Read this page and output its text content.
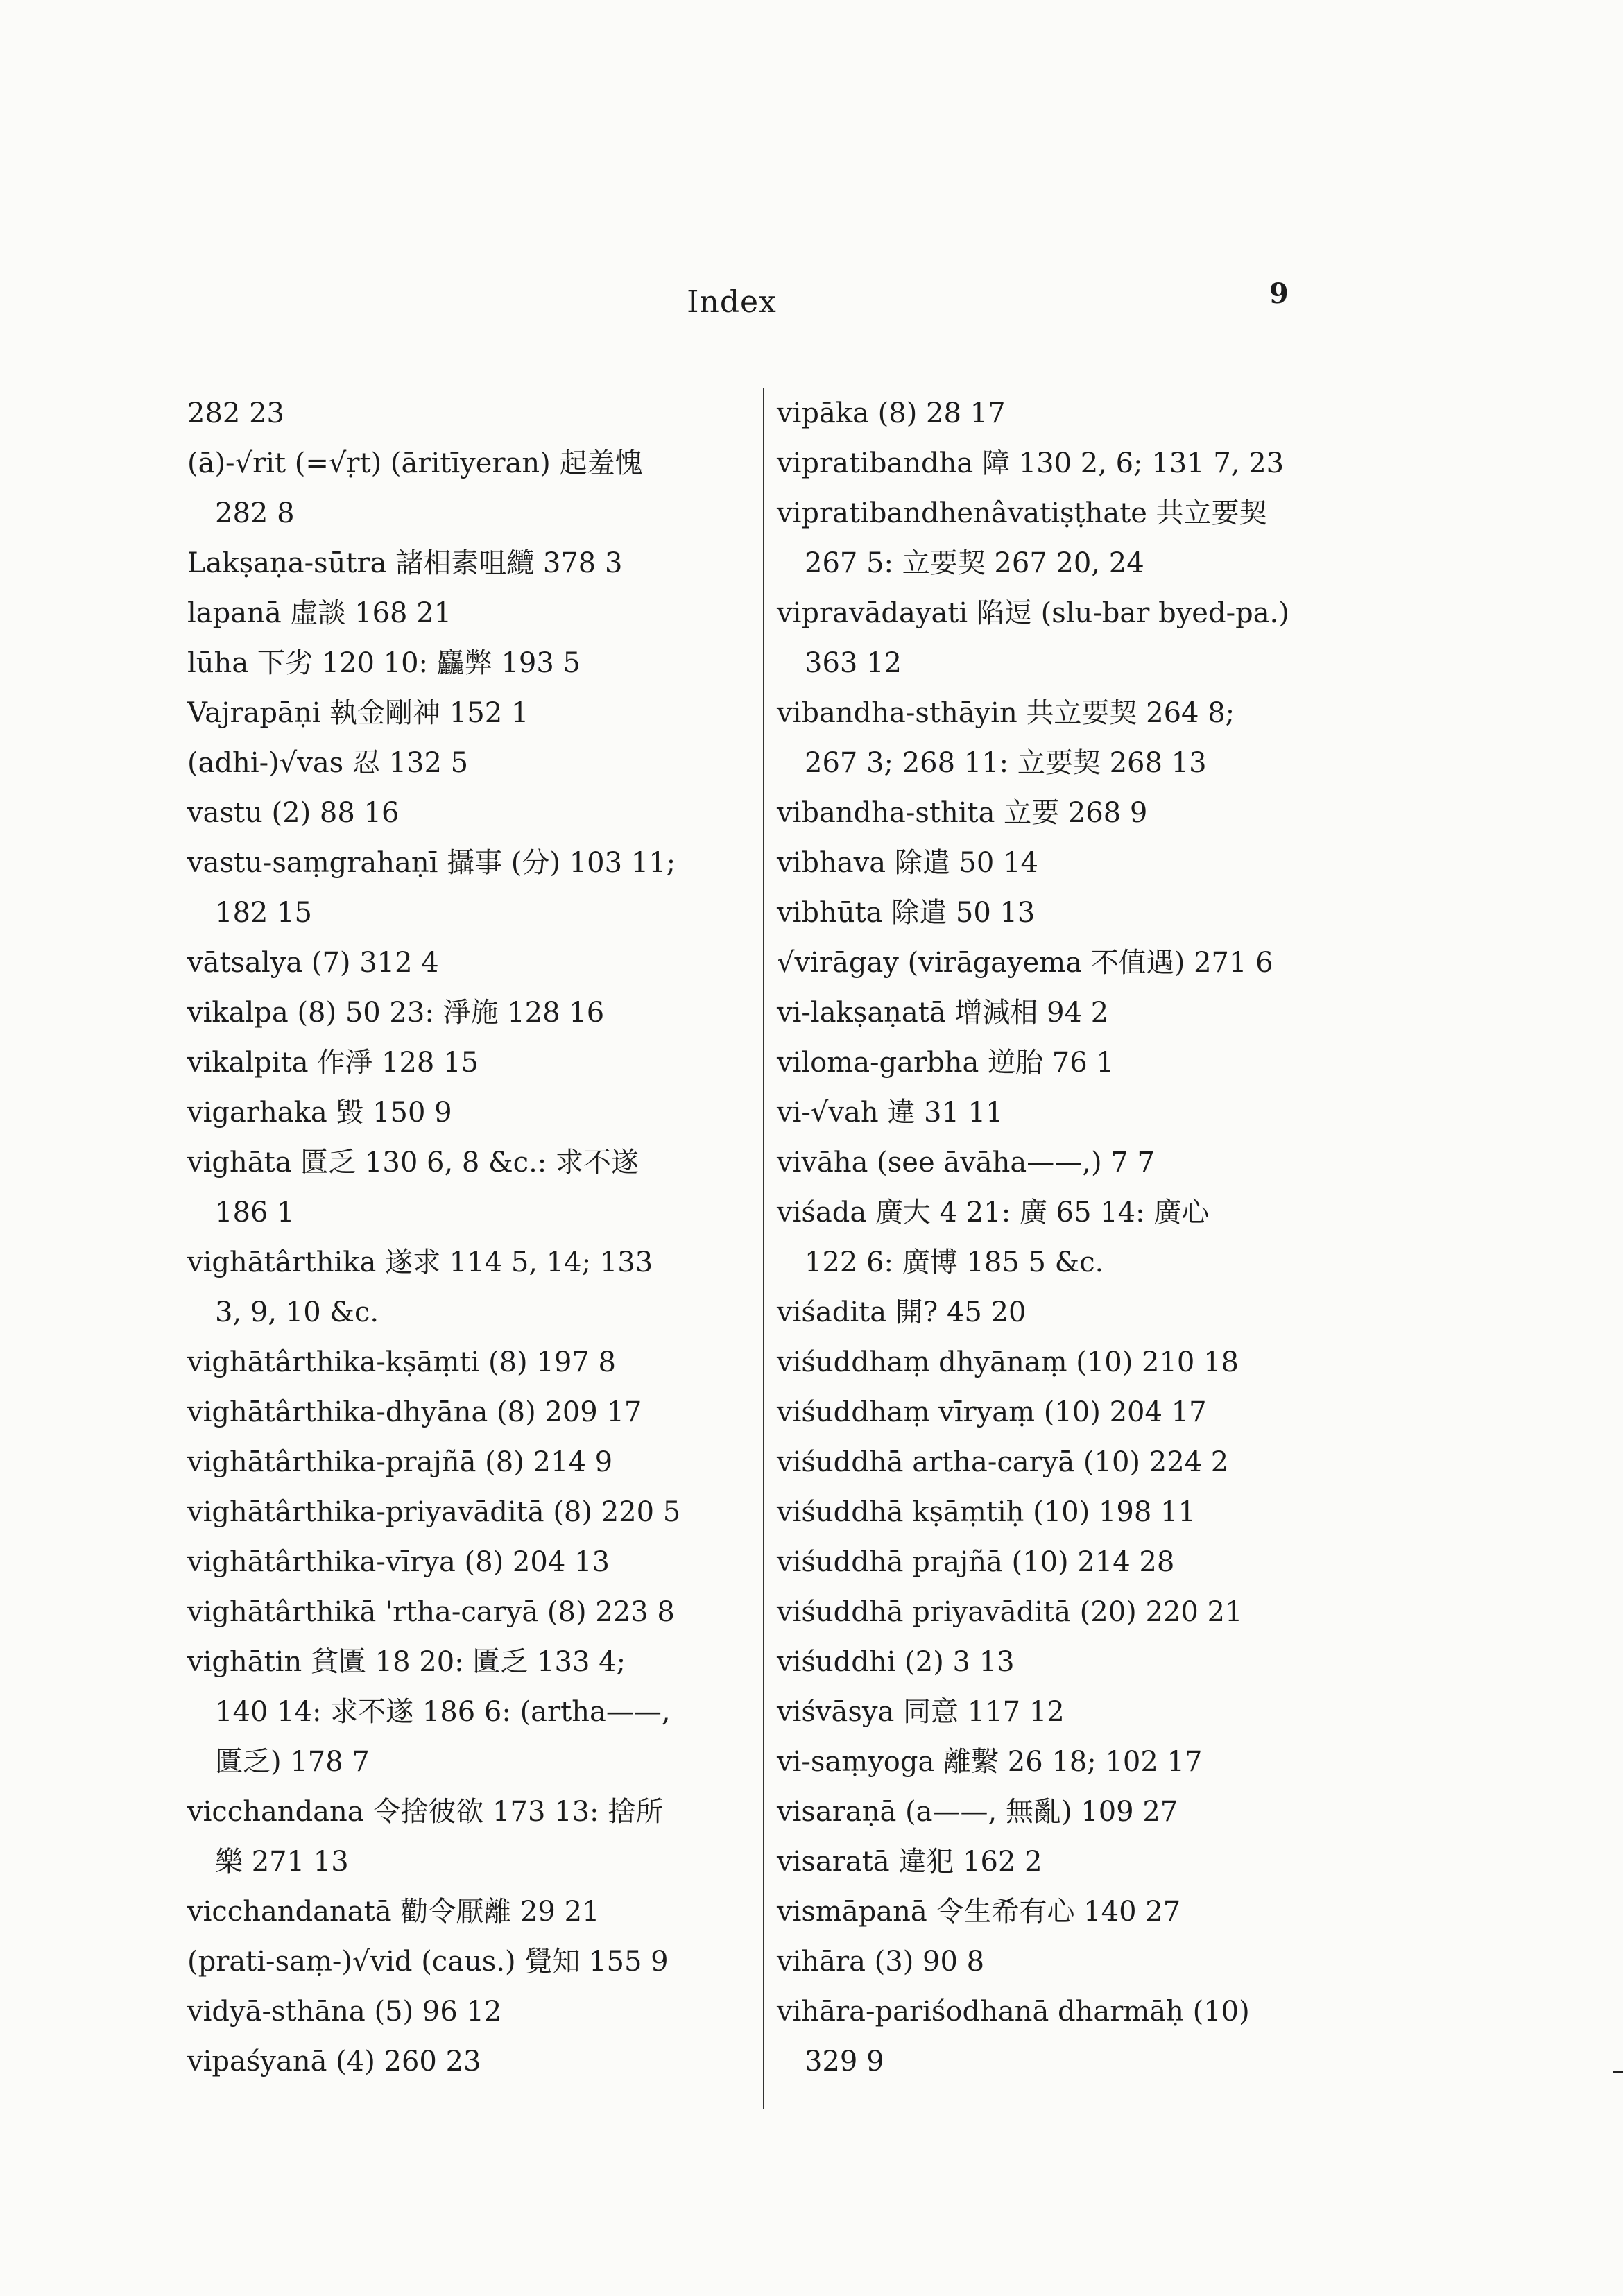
Index	9
282 23
(ā)-√rit (=√ṛt) (āritīyeran) 起羞愧
282 8
Lakṣaṇa-sūtra 諸相素咀纜 378 3
lapanā 虛談 168 21
lūha 下劣 120 10: 麤弊 193 5
Vajrapāṇi 執金剛神 152 1
(adhi-)√vas 忍 132 5
vastu (2) 88 16
vastu-saṃgrahaṇī 攝事 (分) 103 11;
182 15
vātsalya (7) 312 4
vikalpa (8) 50 23: 淨施 128 16
vikalpita 作淨 128 15
vigarhaka 毀 150 9
vighāta 匱乏 130 6, 8 &c.: 求不遂
186 1
vighātârthika 遂求 114 5, 14; 133
3, 9, 10 &c.
vighātârthika-kṣāṃti (8) 197 8
vighātârthika-dhyāna (8) 209 17
vighātârthika-prajñā (8) 214 9
vighātârthika-priyavāditā (8) 220 5
vighātârthika-vīrya (8) 204 13
vighātârthikā 'rtha-caryā (8) 223 8
vighātin 貧匱 18 20: 匱乏 133 4;
140 14: 求不遂 186 6: (artha——,
匱乏) 178 7
vicchandana 令捨彼欲 173 13: 捨所
樂 271 13
vicchandanatā 勸令厭離 29 21
(prati-saṃ-)√vid (caus.) 覺知 155 9
vidyā-sthāna (5) 96 12
vipaśyanā (4) 260 23
vipāka (8) 28 17
vipratibandha 障 130 2, 6; 131 7, 23
vipratibandhenâvatiṣṭhate 共立要契
267 5: 立要契 267 20, 24
vipravādayati 陷逗 (slu-bar byed-pa.)
363 12
vibandha-sthāyin 共立要契 264 8;
267 3; 268 11: 立要契 268 13
vibandha-sthita 立要 268 9
vibhava 除遣 50 14
vibhūta 除遣 50 13
√virāgay (virāgayema 不值遇) 271 6
vi-lakṣaṇatā 增減相 94 2
viloma-garbha 逆胎 76 1
vi-√vah 違 31 11
vivāha (see āvāha——,) 7 7
viśada 廣大 4 21: 廣 65 14: 廣心
122 6: 廣博 185 5 &c.
viśadita 開? 45 20
viśuddhaṃ dhyānaṃ (10) 210 18
viśuddhaṃ vīryaṃ (10) 204 17
viśuddhā artha-caryā (10) 224 2
viśuddhā kṣāṃtiḥ (10) 198 11
viśuddhā prajñā (10) 214 28
viśuddhā priyavāditā (20) 220 21
viśuddhi (2) 3 13
viśvāsya 同意 117 12
vi-saṃyoga 離繫 26 18; 102 17
visaraṇā (a——, 無亂) 109 27
visaratā 違犯 162 2
vismāpanā 令生希有心 140 27
vihāra (3) 90 8
vihāra-pariśodhanā dharmāḥ (10)
329 9
